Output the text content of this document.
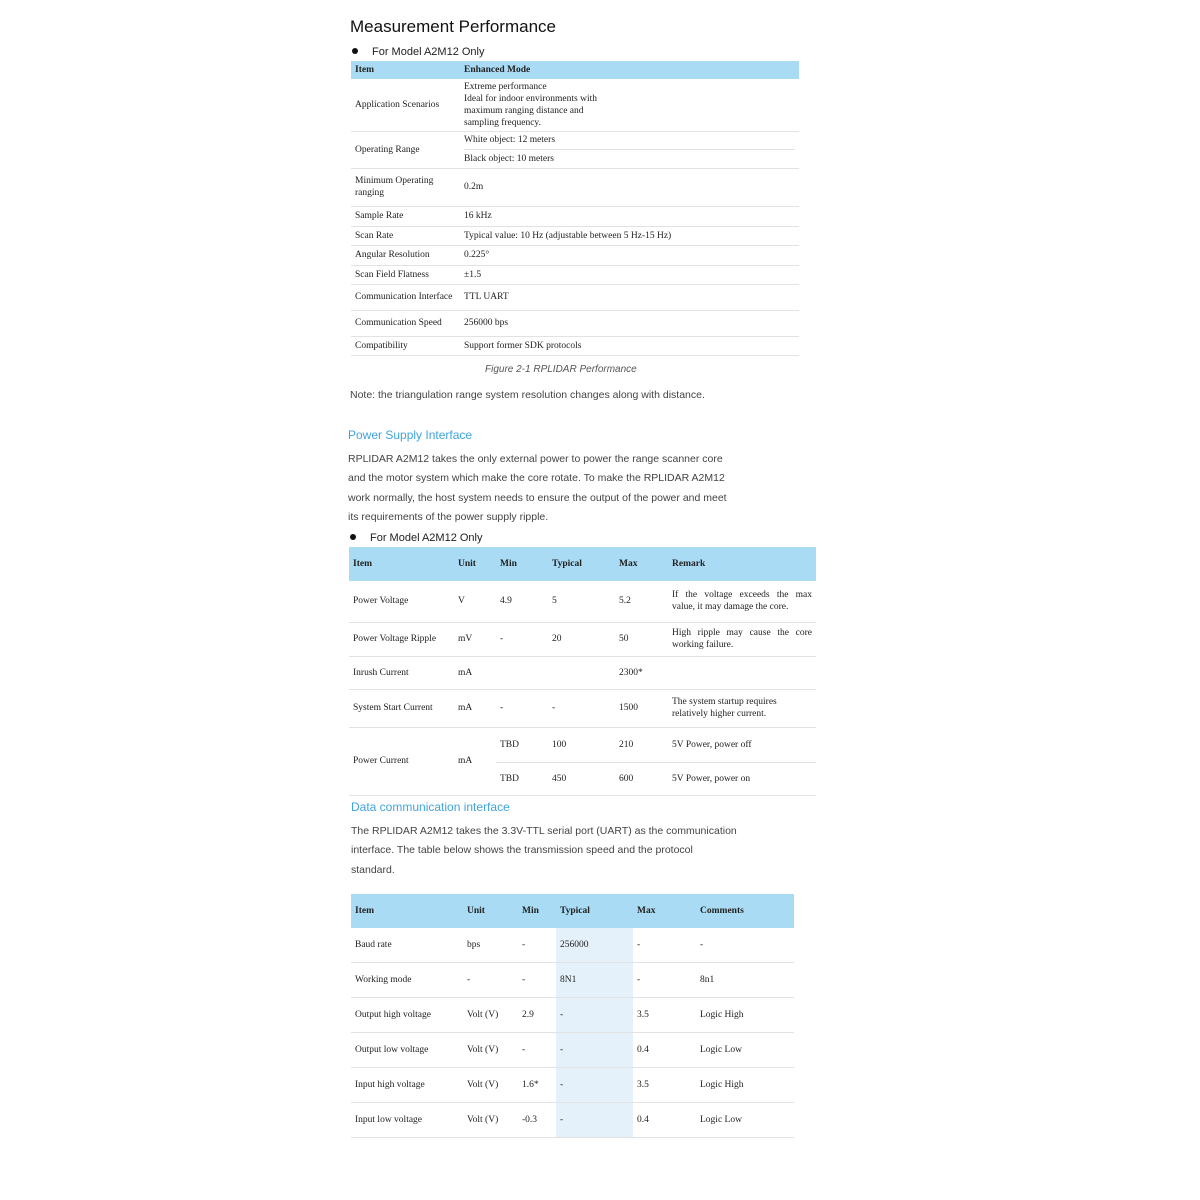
Measurement Performance
For Model A2M12 Only
Item	Enhanced Mode
Application Scenarios	Extreme performance
Ideal for indoor environments with
maximum ranging distance and
sampling frequency.

Operating Range	White object: 12 meters
Black object: 10 meters

Minimum Operating ranging	0.2m
Sample Rate	16 kHz
Scan Rate	Typical value: 10 Hz (adjustable between 5 Hz-15 Hz)
Angular Resolution	0.225°
Scan Field Flatness	±1.5
Communication Interface	TTL UART
Communication Speed	256000 bps
Compatibility	Support former SDK protocols
Figure 2-1 RPLIDAR Performance
Note: the triangulation range system resolution changes along with distance.
Power Supply Interface
RPLIDAR A2M12 takes the only external power to power the range scanner core
and the motor system which make the core rotate. To make the RPLIDAR A2M12
work normally, the host system needs to ensure the output of the power and meet
its requirements of the power supply ripple.
For Model A2M12 Only
Item	Unit	Min	Typical	Max	Remark
Power Voltage	V	4.9	5	5.2	If the voltage exceeds the max value, it may damage the core.
Power Voltage Ripple	mV	-	20	50	High ripple may cause the core working failure.
Inrush Current	mA			2300*	
System Start Current	mA	-	-	1500	The system startup requires relatively higher current.
Power Current	mA	TBD	100	210	5V Power, power off
		TBD	450	600	5V Power, power on
Data communication interface
The RPLIDAR A2M12 takes the 3.3V-TTL serial port (UART) as the communication
interface. The table below shows the transmission speed and the protocol
standard.
Item	Unit	Min	Typical	Max	Comments
Baud rate	bps	-	256000	-	-
Working mode	-	-	8N1	-	8n1
Output high voltage	Volt (V)	2.9	-	3.5	Logic High
Output low voltage	Volt (V)	-	-	0.4	Logic Low
Input high voltage	Volt (V)	1.6*	-	3.5	Logic High
Input low voltage	Volt (V)	-0.3	-	0.4	Logic Low
